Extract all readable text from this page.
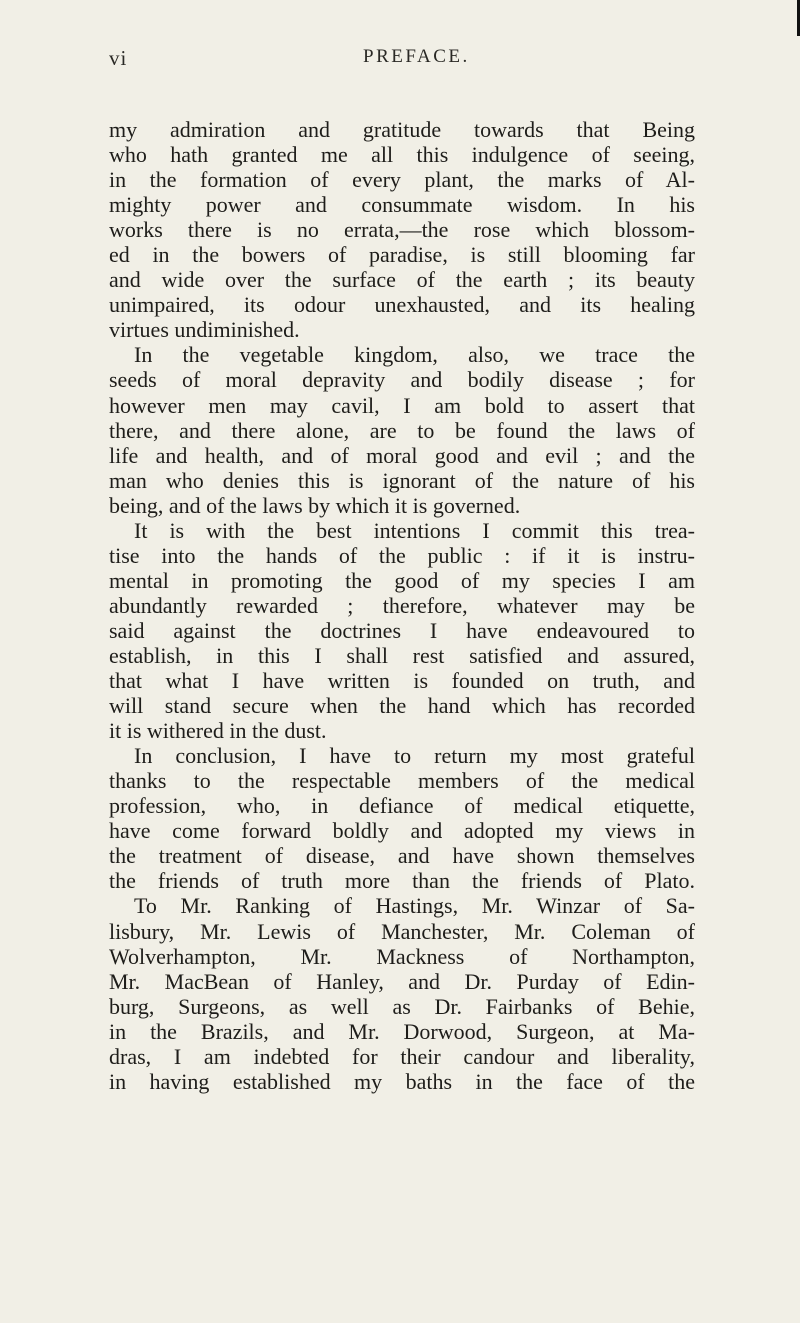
vi	PREFACE.
my admiration and gratitude towards that Being
who hath granted me all this indulgence of seeing,
in the formation of every plant, the marks of Al-
mighty power and consummate wisdom. In his
works there is no errata,—the rose which blossom-
ed in the bowers of paradise, is still blooming far
and wide over the surface of the earth ; its beauty
unimpaired, its odour unexhausted, and its healing
virtues undiminished.
In the vegetable kingdom, also, we trace the
seeds of moral depravity and bodily disease ; for
however men may cavil, I am bold to assert that
there, and there alone, are to be found the laws of
life and health, and of moral good and evil ; and the
man who denies this is ignorant of the nature of his
being, and of the laws by which it is governed.
It is with the best intentions I commit this trea-
tise into the hands of the public : if it is instru-
mental in promoting the good of my species I am
abundantly rewarded ; therefore, whatever may be
said against the doctrines I have endeavoured to
establish, in this I shall rest satisfied and assured,
that what I have written is founded on truth, and
will stand secure when the hand which has recorded
it is withered in the dust.
In conclusion, I have to return my most grateful
thanks to the respectable members of the medical
profession, who, in defiance of medical etiquette,
have come forward boldly and adopted my views in
the treatment of disease, and have shown themselves
the friends of truth more than the friends of Plato.
To Mr. Ranking of Hastings, Mr. Winzar of Sa-
lisbury, Mr. Lewis of Manchester, Mr. Coleman of
Wolverhampton, Mr. Mackness of Northampton,
Mr. MacBean of Hanley, and Dr. Purday of Edin-
burg, Surgeons, as well as Dr. Fairbanks of Behie,
in the Brazils, and Mr. Dorwood, Surgeon, at Ma-
dras, I am indebted for their candour and liberality,
in having established my baths in the face of the
